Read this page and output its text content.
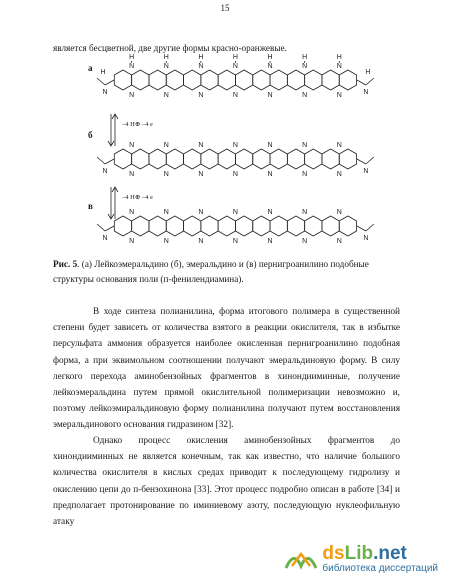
15
является бесцветной, две другие формы красно-оранжевые.
а
б
в
N	N
N
N
H
N
N
H
N
N
H
N
N
H
N
N
H
N
N
H
N
N
H
H	H
–4 H⊕ –4 e
N	N
N
N
N
N
N
N
N
N
N
N
N
N
N
N
–4 H⊕ –4 e
N	N
N
N
N
N
N
N
N
N
N
N
N
N
N
N
Рис. 5. (а) Лейкоэмеральдино (б), эмеральдино и (в) пернигроанилино подобные структуры основания поли (п-фенилендиамина).

В ходе синтеза полианилина, форма итогового полимера в существенной степени будет зависеть от количества взятого в реакции окислителя, так в избытке персульфата аммония образуется наиболее окисленная пернигроанилино подобная форма, а при эквимольном соотношении получают эмеральдиновую форму. В силу легкого перехода аминобензойных фрагментов в хинондииминные, получение лейкоэмеральдина путем прямой окислительной полимеризации невозможно и, поэтому лейкоэмиральдиновую форму полианилина получают путем восстановления эмеральдинового основания гидразином [32].

Однако процесс окисления аминобензойных фрагментов до хинондииминных не является конечным, так как известно, что наличие большого количества окислителя в кислых средах приводит к последующему гидролизу и окислению цепи до п-бензохинона [33]. Этот процесс подробно описан в работе [34] и предполагает протонирование по иминиевому азоту, последующую нуклеофильную атаку

dsLib.net
библиотека диссертаций
